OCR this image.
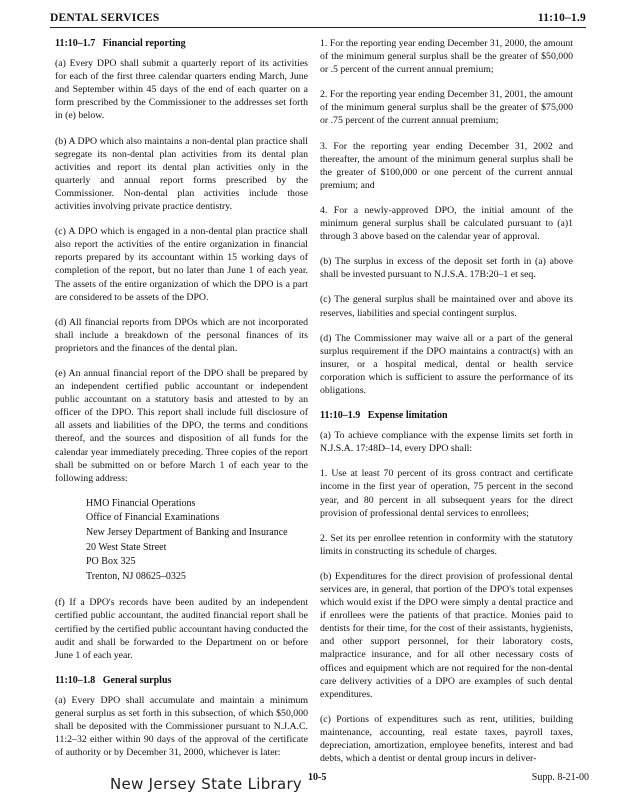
DENTAL SERVICES	11:10–1.9
11:10–1.7 Financial reporting

(a) Every DPO shall submit a quarterly report of its activities for each of the first three calendar quarters ending March, June and September within 45 days of the end of each quarter on a form prescribed by the Commissioner to the addresses set forth in (e) below.

(b) A DPO which also maintains a non-dental plan practice shall segregate its non-dental plan activities from its dental plan activities and report its dental plan activities only in the quarterly and annual report forms prescribed by the Commissioner. Non-dental plan activities include those activities involving private practice dentistry.

(c) A DPO which is engaged in a non-dental plan practice shall also report the activities of the entire organization in financial reports prepared by its accountant within 15 working days of completion of the report, but no later than June 1 of each year. The assets of the entire organization of which the DPO is a part are considered to be assets of the DPO.

(d) All financial reports from DPOs which are not incorporated shall include a breakdown of the personal finances of its proprietors and the finances of the dental plan.

(e) An annual financial report of the DPO shall be prepared by an independent certified public accountant or independent public accountant on a statutory basis and attested to by an officer of the DPO. This report shall include full disclosure of all assets and liabilities of the DPO, the terms and conditions thereof, and the sources and disposition of all funds for the calendar year immediately preceding. Three copies of the report shall be submitted on or before March 1 of each year to the following address:

HMO Financial Operations
Office of Financial Examinations
New Jersey Department of Banking and Insurance
20 West State Street
PO Box 325
Trenton, NJ 08625–0325

(f) If a DPO's records have been audited by an independent certified public accountant, the audited financial report shall be certified by the certified public accountant having conducted the audit and shall be forwarded to the Department on or before June 1 of each year.

11:10–1.8 General surplus

(a) Every DPO shall accumulate and maintain a minimum general surplus as set forth in this subsection, of which $50,000 shall be deposited with the Commissioner pursuant to N.J.A.C. 11:2–32 either within 90 days of the approval of the certificate of authority or by December 31, 2000, whichever is later:

1. For the reporting year ending December 31, 2000, the amount of the minimum general surplus shall be the greater of $50,000 or .5 percent of the current annual premium;

2. For the reporting year ending December 31, 2001, the amount of the minimum general surplus shall be the greater of $75,000 or .75 percent of the current annual premium;

3. For the reporting year ending December 31, 2002 and thereafter, the amount of the minimum general surplus shall be the greater of $100,000 or one percent of the current annual premium; and

4. For a newly-approved DPO, the initial amount of the minimum general surplus shall be calculated pursuant to (a)1 through 3 above based on the calendar year of approval.

(b) The surplus in excess of the deposit set forth in (a) above shall be invested pursuant to N.J.S.A. 17B:20–1 et seq.

(c) The general surplus shall be maintained over and above its reserves, liabilities and special contingent surplus.

(d) The Commissioner may waive all or a part of the general surplus requirement if the DPO maintains a contract(s) with an insurer, or a hospital medical, dental or health service corporation which is sufficient to assure the performance of its obligations.

11:10–1.9 Expense limitation

(a) To achieve compliance with the expense limits set forth in N.J.S.A. 17:48D–14, every DPO shall:

1. Use at least 70 percent of its gross contract and certificate income in the first year of operation, 75 percent in the second year, and 80 percent in all subsequent years for the direct provision of professional dental services to enrollees;

2. Set its per enrollee retention in conformity with the statutory limits in constructing its schedule of charges.

(b) Expenditures for the direct provision of professional dental services are, in general, that portion of the DPO's total expenses which would exist if the DPO were simply a dental practice and if enrollees were the patients of that practice. Monies paid to dentists for their time, for the cost of their assistants, hygienists, and other support personnel, for their laboratory costs, malpractice insurance, and for all other necessary costs of offices and equipment which are not required for the non-dental care delivery activities of a DPO are examples of such dental expenditures.

(c) Portions of expenditures such as rent, utilities, building maintenance, accounting, real estate taxes, payroll taxes, depreciation, amortization, employee benefits, interest and bad debts, which a dentist or dental group incurs in deliver-

New Jersey State Library 10-5	Supp. 8-21-00
